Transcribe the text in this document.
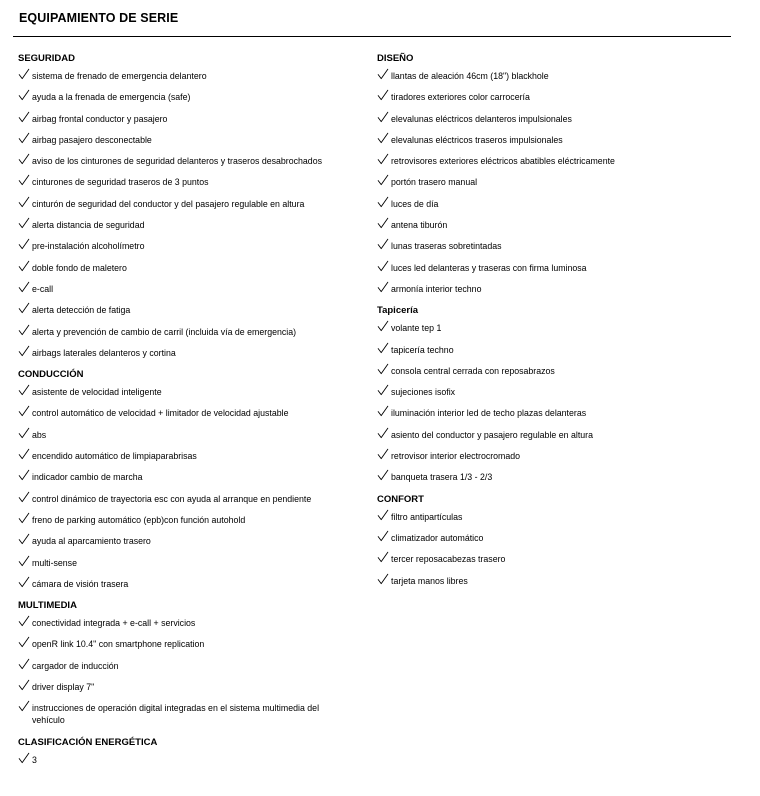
EQUIPAMIENTO DE SERIE
SEGURIDAD
sistema de frenado de emergencia delantero
ayuda a la frenada de emergencia (safe)
airbag frontal conductor y pasajero
airbag pasajero desconectable
aviso de los cinturones de seguridad delanteros y traseros desabrochados
cinturones de seguridad traseros de 3 puntos
cinturón de seguridad del conductor y del pasajero regulable en altura
alerta distancia de seguridad
pre-instalación alcoholímetro
doble fondo de maletero
e-call
alerta detección de fatiga
alerta y prevención de cambio de carril (incluida vía de emergencia)
airbags laterales delanteros y cortina
CONDUCCIÓN
asistente de velocidad inteligente
control automático de velocidad + limitador de velocidad ajustable
abs
encendido automático de limpiaparabrisas
indicador cambio de marcha
control dinámico de trayectoria esc con ayuda al arranque en pendiente
freno de parking automático (epb)con función autohold
ayuda al aparcamiento trasero
multi-sense
cámara de visión trasera
MULTIMEDIA
conectividad integrada + e-call + servicios
openR link 10.4" con smartphone replication
cargador de inducción
driver display 7"
instrucciones de operación digital integradas en el sistema multimedia del vehículo
CLASIFICACIÓN ENERGÉTICA
3
DISEÑO
llantas de aleación 46cm (18") blackhole
tiradores exteriores color carrocería
elevalunas eléctricos delanteros impulsionales
elevalunas eléctricos traseros impulsionales
retrovisores exteriores eléctricos abatibles eléctricamente
portón trasero manual
luces de día
antena tiburón
lunas traseras sobretintadas
luces led delanteras y traseras con firma luminosa
armonía interior techno
Tapicería
volante tep 1
tapicería techno
consola central cerrada con reposabrazos
sujeciones isofix
iluminación interior led de techo plazas delanteras
asiento del conductor y pasajero regulable en altura
retrovisor interior electrocromado
banqueta trasera 1/3 - 2/3
CONFORT
filtro antipartículas
climatizador automático
tercer reposacabezas trasero
tarjeta manos libres
